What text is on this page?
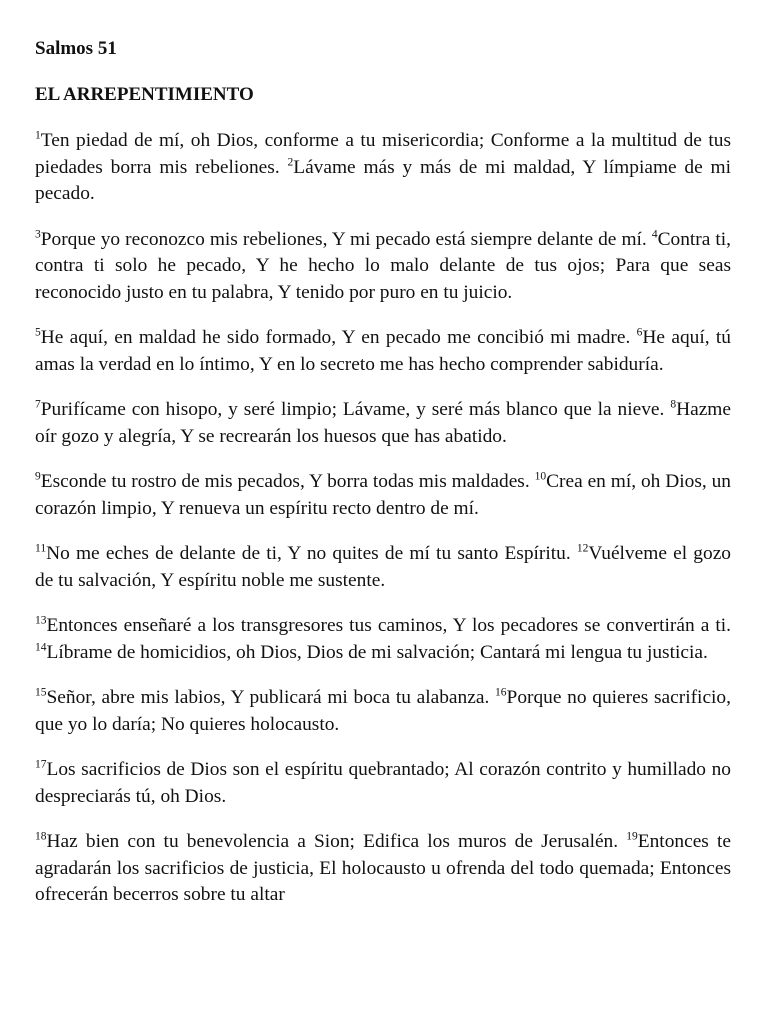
Salmos 51

EL ARREPENTIMIENTO

$^1$Ten piedad de mí, oh Dios, conforme a tu misericordia; Conforme a la multitud de tus piedades borra mis rebeliones. $^2$Lávame más y más de mi maldad, Y límpiame de mi pecado.

$^3$Porque yo reconozco mis rebeliones, Y mi pecado está siempre delante de mí. $^4$Contra ti, contra ti solo he pecado, Y he hecho lo malo delante de tus ojos; Para que seas reconocido justo en tu palabra, Y tenido por puro en tu juicio.

$^5$He aquí, en maldad he sido formado, Y en pecado me concibió mi madre. $^6$He aquí, tú amas la verdad en lo íntimo, Y en lo secreto me has hecho comprender sabiduría.

$^7$Purifícame con hisopo, y seré limpio; Lávame, y seré más blanco que la nieve. $^8$Hazme oír gozo y alegría, Y se recrearán los huesos que has abatido.

$^9$Esconde tu rostro de mis pecados, Y borra todas mis maldades. $^{10}$Crea en mí, oh Dios, un corazón limpio, Y renueva un espíritu recto dentro de mí.

$^{11}$No me eches de delante de ti, Y no quites de mí tu santo Espíritu. $^{12}$Vuélveme el gozo de tu salvación, Y espíritu noble me sustente.

$^{13}$Entonces enseñaré a los transgresores tus caminos, Y los pecadores se convertirán a ti. $^{14}$Líbrame de homicidios, oh Dios, Dios de mi salvación; Cantará mi lengua tu justicia.

$^{15}$Señor, abre mis labios, Y publicará mi boca tu alabanza. $^{16}$Porque no quieres sacrificio, que yo lo daría; No quieres holocausto.

$^{17}$Los sacrificios de Dios son el espíritu quebrantado; Al corazón contrito y humillado no despreciarás tú, oh Dios.

$^{18}$Haz bien con tu benevolencia a Sion; Edifica los muros de Jerusalén. $^{19}$Entonces te agradarán los sacrificios de justicia, El holocausto u ofrenda del todo quemada; Entonces ofrecerán becerros sobre tu altar
